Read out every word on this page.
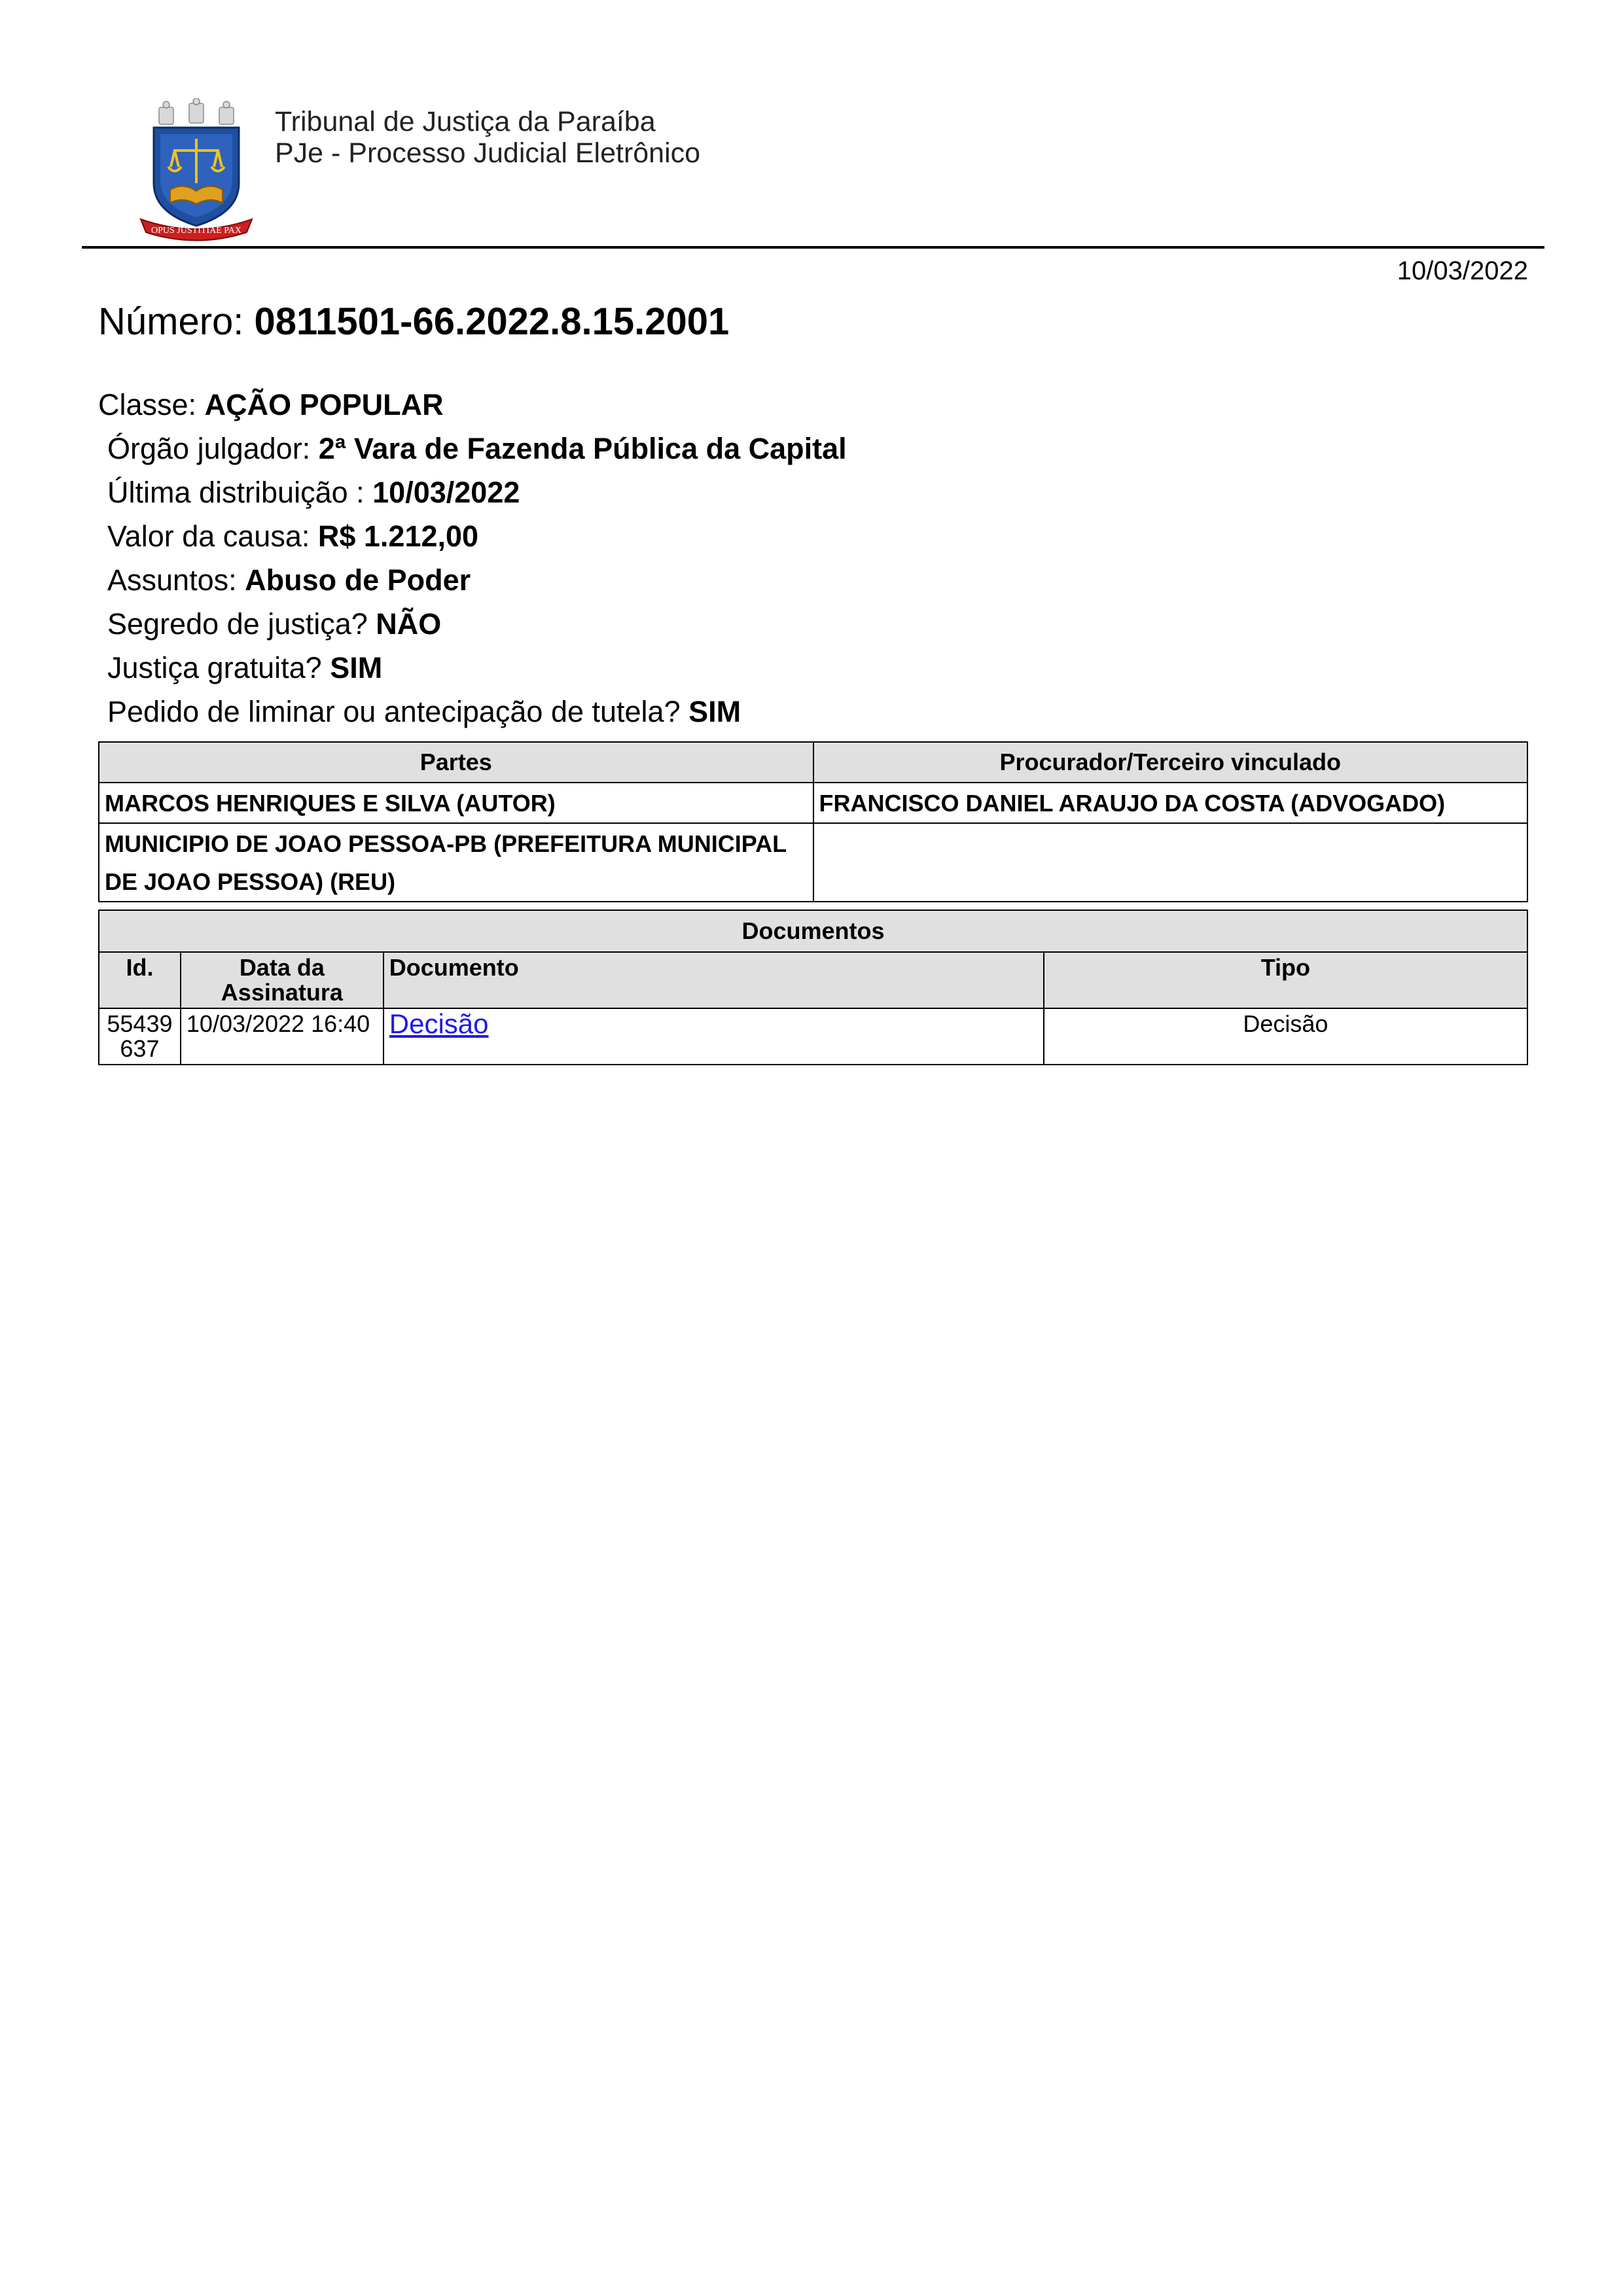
OPUS JUSTITIAE PAX
Tribunal de Justiça da Paraíba
PJe - Processo Judicial Eletrônico
10/03/2022
Número: 0811501-66.2022.8.15.2001
Classe: AÇÃO POPULAR
Órgão julgador: 2ª Vara de Fazenda Pública da Capital
Última distribuição : 10/03/2022
Valor da causa: R$ 1.212,00
Assuntos: Abuso de Poder
Segredo de justiça? NÃO
Justiça gratuita? SIM
Pedido de liminar ou antecipação de tutela? SIM
Partes	Procurador/Terceiro vinculado
MARCOS HENRIQUES E SILVA (AUTOR)	FRANCISCO DANIEL ARAUJO DA COSTA (ADVOGADO)
MUNICIPIO DE JOAO PESSOA-PB (PREFEITURA MUNICIPAL DE JOAO PESSOA) (REU)	
Documentos			
Id.	Data da Assinatura	Documento	Tipo
55439637	10/03/2022 16:40	Decisão	Decisão
